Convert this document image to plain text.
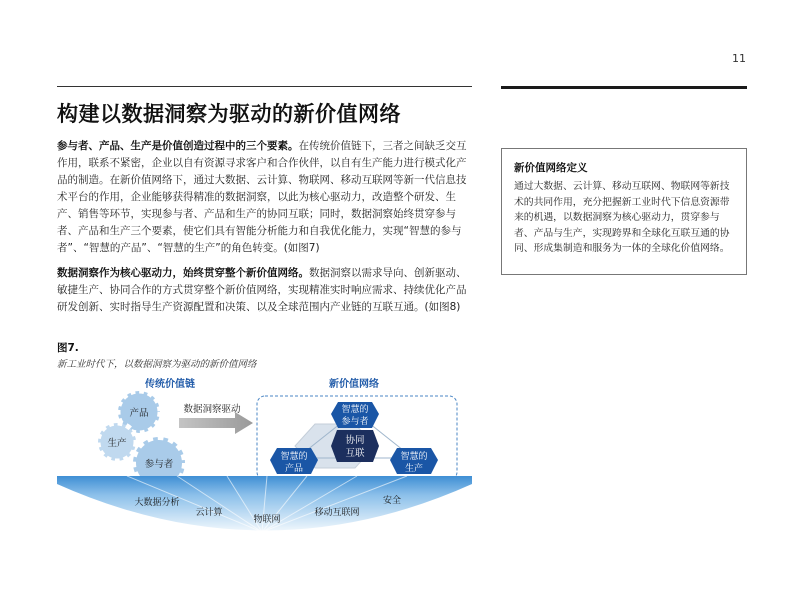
11
构建以数据洞察为驱动的新价值网络
参与者、产品、生产是价值创造过程中的三个要素。在传统价值链下，三者之间缺乏交互作用，联系不紧密，企业以自有资源寻求客户和合作伙伴，以自有生产能力进行模式化产品的制造。在新价值网络下，通过大数据、云计算、物联网、移动互联网等新一代信息技术平台的作用，企业能够获得精准的数据洞察，以此为核心驱动力，改造整个研发、生产、销售等环节，实现参与者、产品和生产的协同互联；同时，数据洞察始终贯穿参与者、产品和生产三个要素，使它们具有智能分析能力和自我优化能力，实现“智慧的参与者”、“智慧的产品”、“智慧的生产”的角色转变。(如图7)
数据洞察作为核心驱动力，始终贯穿整个新价值网络。数据洞察以需求导向、创新驱动、敏捷生产、协同合作的方式贯穿整个新价值网络，实现精准实时响应需求、持续优化产品研发创新、实时指导生产资源配置和决策、以及全球范围内产业链的互联互通。(如图8)
新价值网络定义
通过大数据、云计算、移动互联网、物联网等新技术的共同作用，充分把握新工业时代下信息资源带来的机遇，以数据洞察为核心驱动力，贯穿参与者、产品与生产，实现跨界和全球化互联互通的协同、形成集制造和服务为一体的全球化价值网络。
图7.
新工业时代下，以数据洞察为驱动的新价值网络
传统价值链	新价值网络
产品
生产
参与者
数据洞察驱动
协同
互联
智慧的
参与者
智慧的
产品
智慧的
生产
大数据分析
云计算
物联网
移动互联网
安全
